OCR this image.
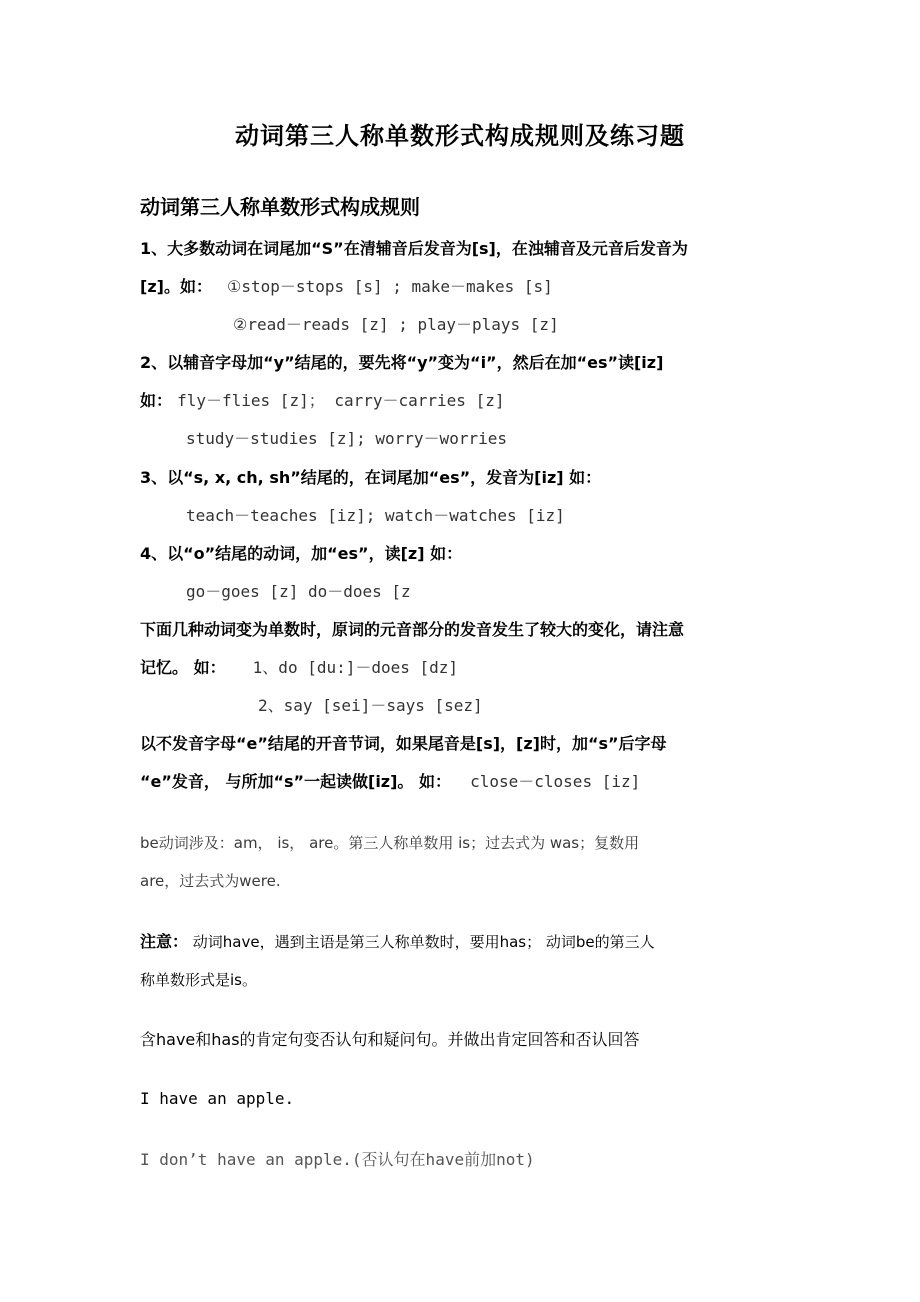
动词第三人称单数形式构成规则及练习题

动词第三人称单数形式构成规则

1、大多数动词在词尾加“S”在清辅音后发音为[s]，在浊辅音及元音后发音为

[z]。如： ①stop－stops [s] ; make－makes [s]

②read－reads [z] ; play－plays [z]

2、以辅音字母加“y”结尾的，要先将“y”变为“i”，然后在加“es”读[iz]

如： fly－flies [z]； carry－carries [z]

study－studies [z]; worry－worries

3、以“s, x, ch, sh”结尾的，在词尾加“es”，发音为[iz] 如：

teach－teaches [iz]; watch－watches [iz]

4、以“o”结尾的动词，加“es”，读[z] 如：

go－goes [z] do－does [z

下面几种动词变为单数时，原词的元音部分的发音发生了较大的变化，请注意

记忆。 如： 1、do [du:]－does [dz]

2、say [sei]－says [sez]

以不发音字母“e”结尾的开音节词，如果尾音是[s]，[z]时，加“s”后字母

“e”发音， 与所加“s”一起读做[iz]。 如： close－closes [iz]

be动词涉及：am， is， are。第三人称单数用 is；过去式为 was；复数用

are，过去式为were.

注意： 动词have，遇到主语是第三人称单数时，要用has； 动词be的第三人

称单数形式是is。

含have和has的肯定句变否认句和疑问句。并做出肯定回答和否认回答

I have an apple.

I don’t have an apple.(否认句在have前加not)
